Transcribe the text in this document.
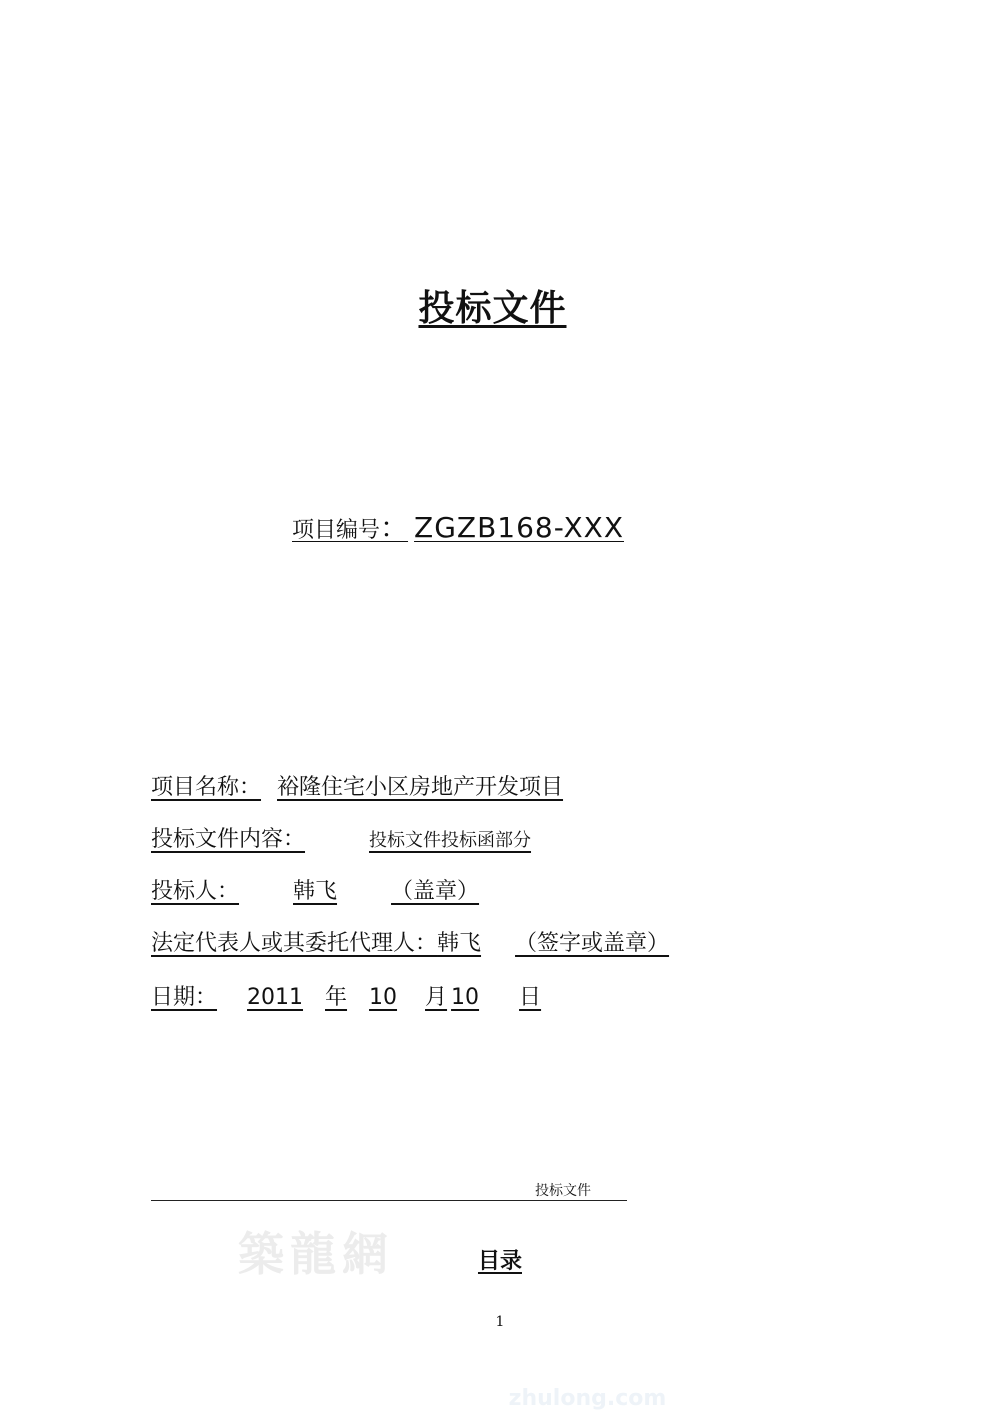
投标文件
项目编号： ZGZB168-XXX
项目名称： 裕隆住宅小区房地产开发项目
投标文件内容：	投标文件投标函部分
投标人： 韩飞 （盖章）
法定代表人或其委托代理人：韩飞 （签字或盖章）
日期： 2011 年 10 月 10 日
投标文件
築龍網	目录
1
zhulong.com
